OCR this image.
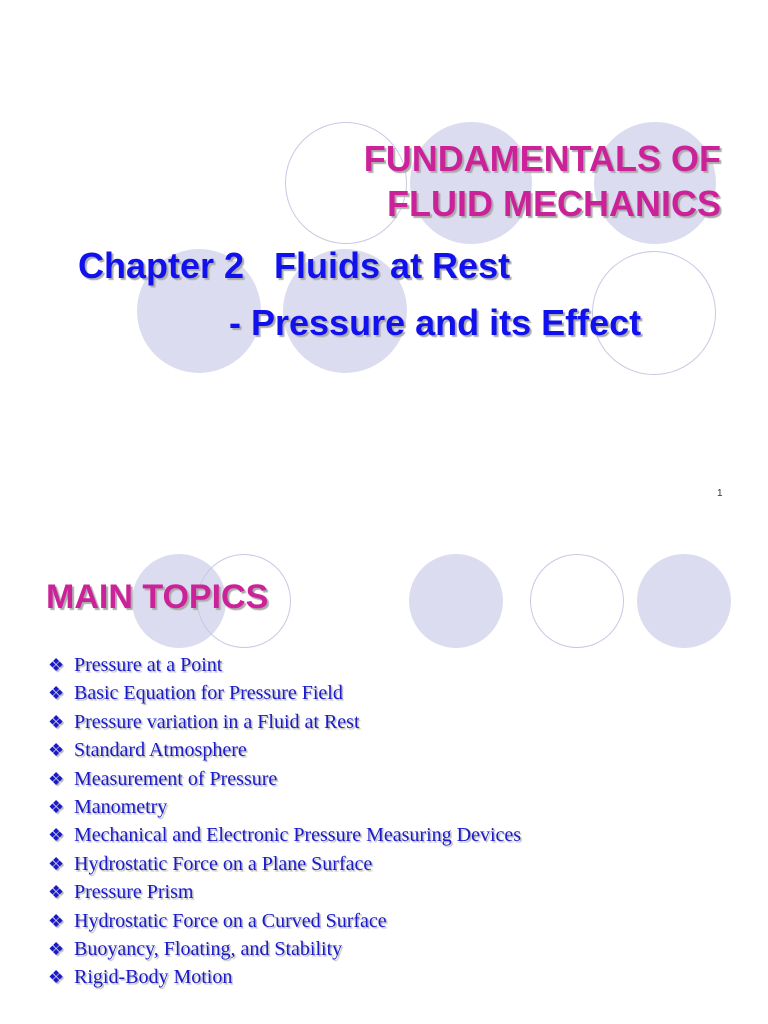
FUNDAMENTALS OF
FLUID MECHANICS
Chapter 2   Fluids at Rest
- Pressure and its Effect
1
MAIN TOPICS
❖ Pressure at a Point
❖ Basic Equation for Pressure Field
❖ Pressure variation in a Fluid at Rest
❖ Standard Atmosphere
❖ Measurement of Pressure
❖ Manometry
❖ Mechanical and Electronic Pressure Measuring Devices
❖ Hydrostatic Force on a Plane Surface
❖ Pressure Prism
❖ Hydrostatic Force on a Curved Surface
❖ Buoyancy, Floating, and Stability
❖ Rigid-Body Motion
